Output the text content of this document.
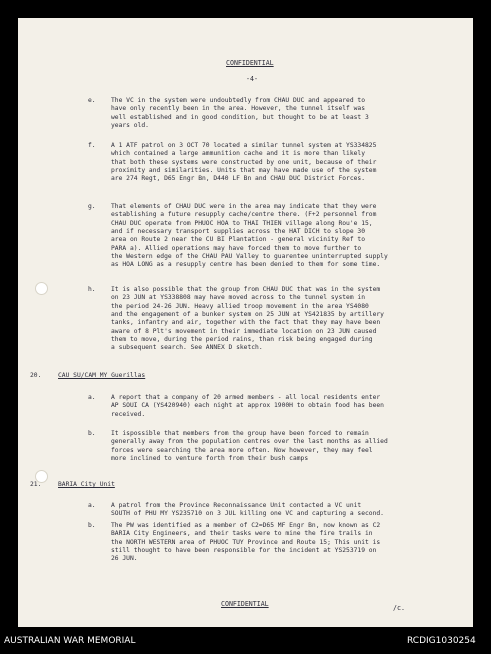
CONFIDENTIAL
-4-
e. The VC in the system were undoubtedly from CHAU DUC and appeared to
have only recently been in the area. However, the tunnel itself was
well established and in good condition, but thought to be at least 3
years old.
f. A 1 ATF patrol on 3 OCT 70 located a similar tunnel system at YS334825
which contained a large ammunition cache and it is more than likely
that both these systems were constructed by one unit, because of their
proximity and similarities. Units that may have made use of the system
are 274 Regt, D65 Engr Bn, D440 LF Bn and CHAU DUC District Forces.
g. That elements of CHAU DUC were in the area may indicate that they were
establishing a future resupply cache/centre there. (F+2 personnel from
CHAU DUC operate from PHUOC HOA to THAI THIEN village along Rou'e 15,
and if necessary transport supplies across the HAT DICH to slope 30
area on Route 2 near the CU BI Plantation - general vicinity Ref to
PARA a). Allied operations may have forced them to move further to
the Western edge of the CHAU PAU Valley to guarentee uninterrupted supply
as HOA LONG as a resupply centre has been denied to them for some time.
h. It is also possible that the group from CHAU DUC that was in the system
on 23 JUN at YS338808 may have moved across to the tunnel system in
the period 24-26 JUN. Heavy allied troop movement in the area YS4080
and the engagement of a bunker system on 25 JUN at YS421835 by artillery
tanks, infantry and air, together with the fact that they may have been
aware of 8 Plt's movement in their immediate location on 23 JUN caused
them to move, during the period rains, than risk being engaged during
a subsequent search. See ANNEX D sketch.
20.	CAU SU/CAM MY Guerillas
a. A report that a company of 20 armed members - all local residents enter
AP SOUI CA (YS420940) each night at approx 1900H to obtain food has been
received.
b. It ispossible that members from the group have been forced to remain
generally away from the population centres over the last months as allied
forces were searching the area more often. Now however, they may feel
more inclined to venture forth from their bush camps
21.	BARIA City Unit
a. A patrol from the Province Reconnaissance Unit contacted a VC unit
SOUTH of PHU MY YS235710 on 3 JUL killing one VC and capturing a second.
b. The PW was identified as a member of C2=D65 MF Engr Bn, now known as C2
BARIA City Engineers, and their tasks were to mine the fire trails in
the NORTH WESTERN area of PHUOC TUY Province and Route 15; This unit is
still thought to have been responsible for the incident at YS253719 on
26 JUN.
CONFIDENTIAL	/c.
AUSTRALIAN WAR MEMORIAL	RCDIG1030254
